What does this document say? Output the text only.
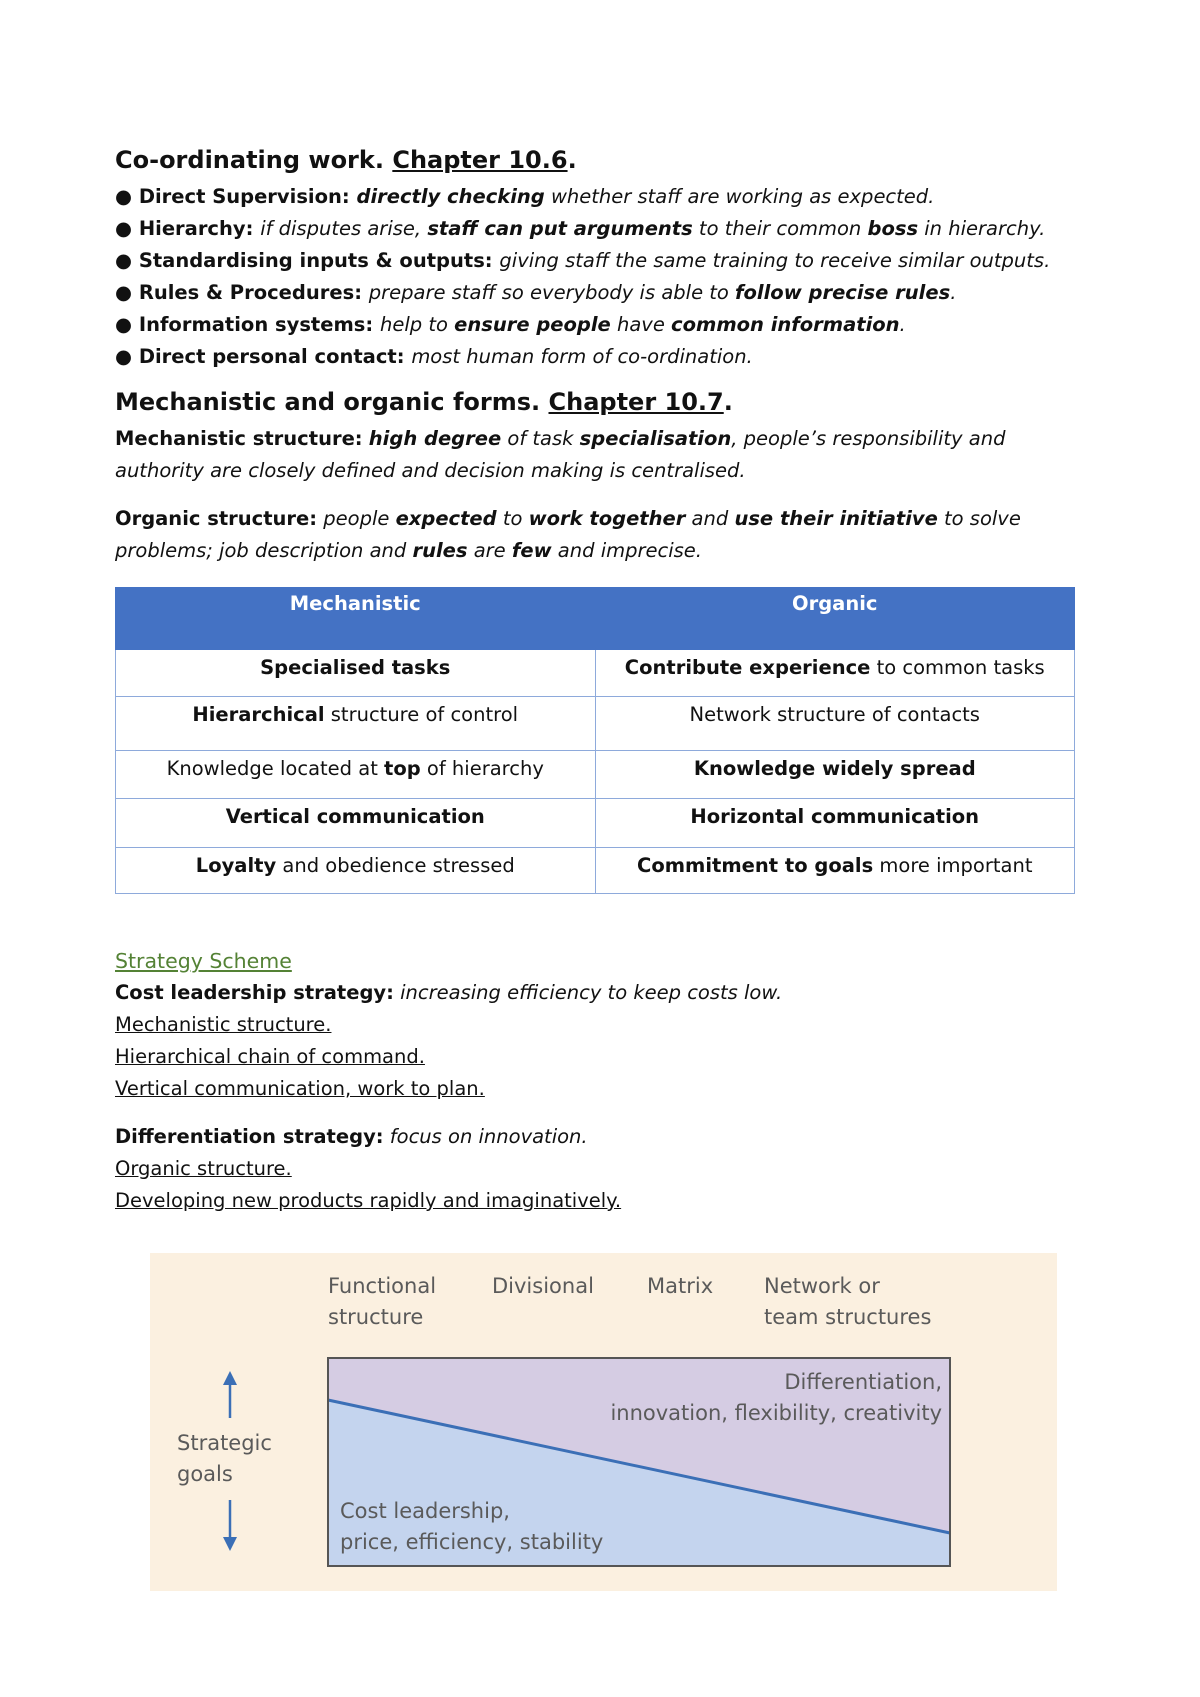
Co-ordinating work. Chapter 10.6.

● Direct Supervision: directly checking whether staff are working as expected.

● Hierarchy: if disputes arise, staff can put arguments to their common boss in hierarchy.

● Standardising inputs & outputs: giving staff the same training to receive similar outputs.

● Rules & Procedures: prepare staff so everybody is able to follow precise rules.

● Information systems: help to ensure people have common information.

● Direct personal contact: most human form of co-ordination.

Mechanistic and organic forms. Chapter 10.7.

Mechanistic structure: high degree of task specialisation, people’s responsibility and authority are closely defined and decision making is centralised.

Organic structure: people expected to work together and use their initiative to solve problems; job description and rules are few and imprecise.

Mechanistic	Organic
Specialised tasks	Contribute experience to common tasks
Hierarchical structure of control	Network structure of contacts
Knowledge located at top of hierarchy	Knowledge widely spread
Vertical communication	Horizontal communication
Loyalty and obedience stressed	Commitment to goals more important
Strategy Scheme

Cost leadership strategy: increasing efficiency to keep costs low.

Mechanistic structure.
Hierarchical chain of command.
Vertical communication, work to plan.

Differentiation strategy: focus on innovation.

Organic structure.
Developing new products rapidly and imaginatively.
Functional
structure
Divisional	Matrix Network or
team structures
Differentiation,
innovation, flexibility, creativity
Cost leadership,
price, efficiency, stability
Strategic
goals
